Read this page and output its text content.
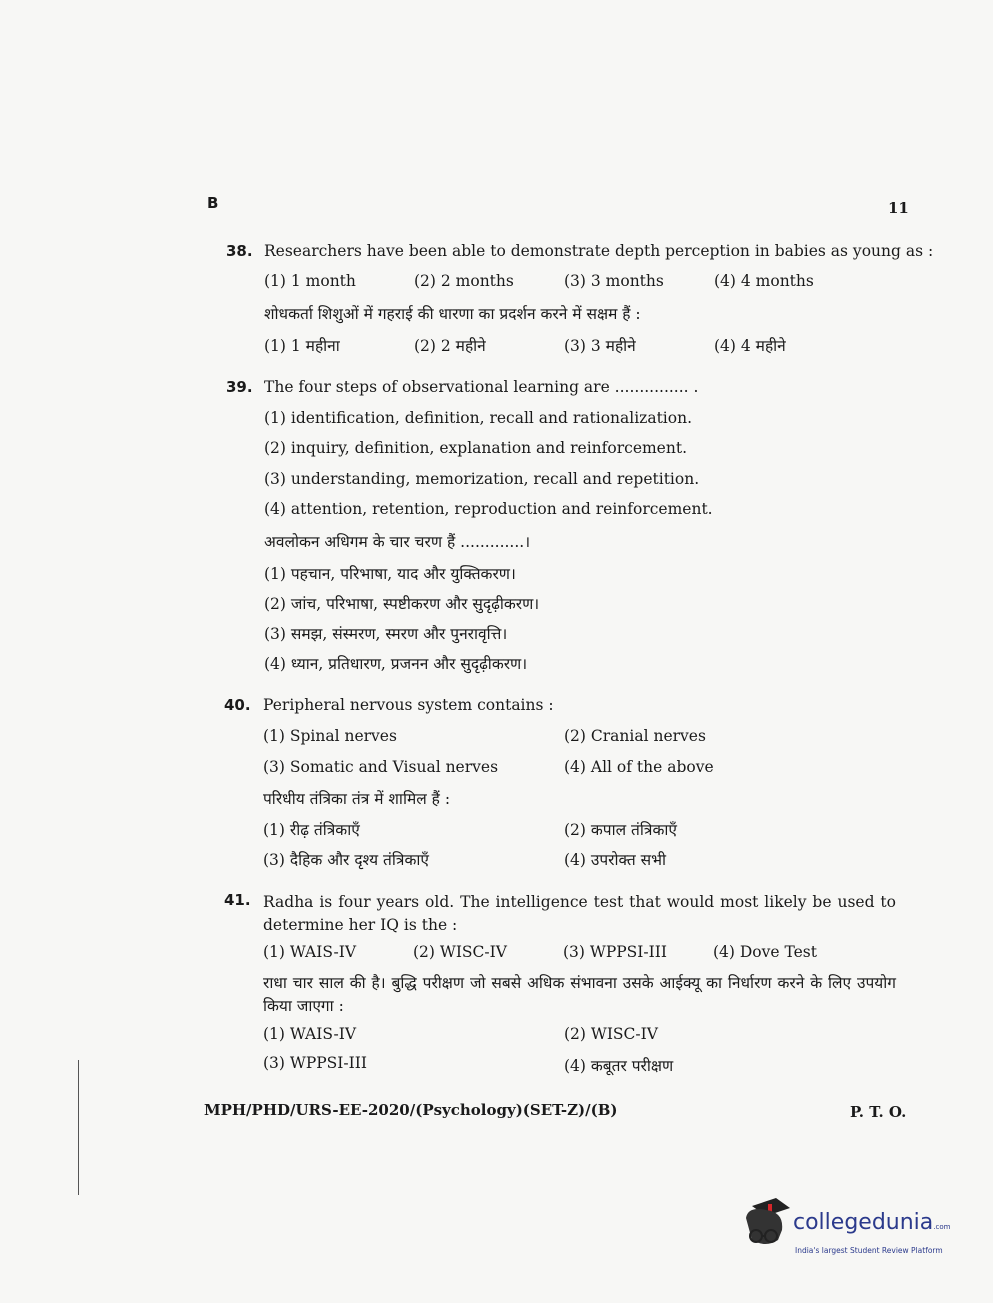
B	11
38. Researchers have been able to demonstrate depth perception in babies as young as :
(1) 1 month	(2) 2 months	(3) 3 months	(4) 4 months
शोधकर्ता शिशुओं में गहराई की धारणा का प्रदर्शन करने में सक्षम हैं :
(1) 1 महीना	(2) 2 महीने	(3) 3 महीने	(4) 4 महीने
39. The four steps of observational learning are ............... .
(1) identification, definition, recall and rationalization.
(2) inquiry, definition, explanation and reinforcement.
(3) understanding, memorization, recall and repetition.
(4) attention, retention, reproduction and reinforcement.
अवलोकन अधिगम के चार चरण हैं .............।
(1) पहचान, परिभाषा, याद और युक्तिकरण।
(2) जांच, परिभाषा, स्पष्टीकरण और सुदृढ़ीकरण।
(3) समझ, संस्मरण, स्मरण और पुनरावृत्ति।
(4) ध्यान, प्रतिधारण, प्रजनन और सुदृढ़ीकरण।
40. Peripheral nervous system contains :
(1) Spinal nerves	(2) Cranial nerves
(3) Somatic and Visual nerves	(4) All of the above
परिधीय तंत्रिका तंत्र में शामिल हैं :
(1) रीढ़ तंत्रिकाएँ	(2) कपाल तंत्रिकाएँ
(3) दैहिक और दृश्य तंत्रिकाएँ	(4) उपरोक्त सभी
41. Radha is four years old. The intelligence test that would most likely be used to determine her IQ is the :
(1) WAIS-IV	(2) WISC-IV	(3) WPPSI-III	(4) Dove Test
राधा चार साल की है। बुद्धि परीक्षण जो सबसे अधिक संभावना उसके आईक्यू का निर्धारण करने के लिए उपयोग किया जाएगा :
(1) WAIS-IV	(2) WISC-IV
(3) WPPSI-III	(4) कबूतर परीक्षण
MPH/PHD/URS-EE-2020/(Psychology)(SET-Z)/(B)	P. T. O.
collegedunia.com
India's largest Student Review Platform
